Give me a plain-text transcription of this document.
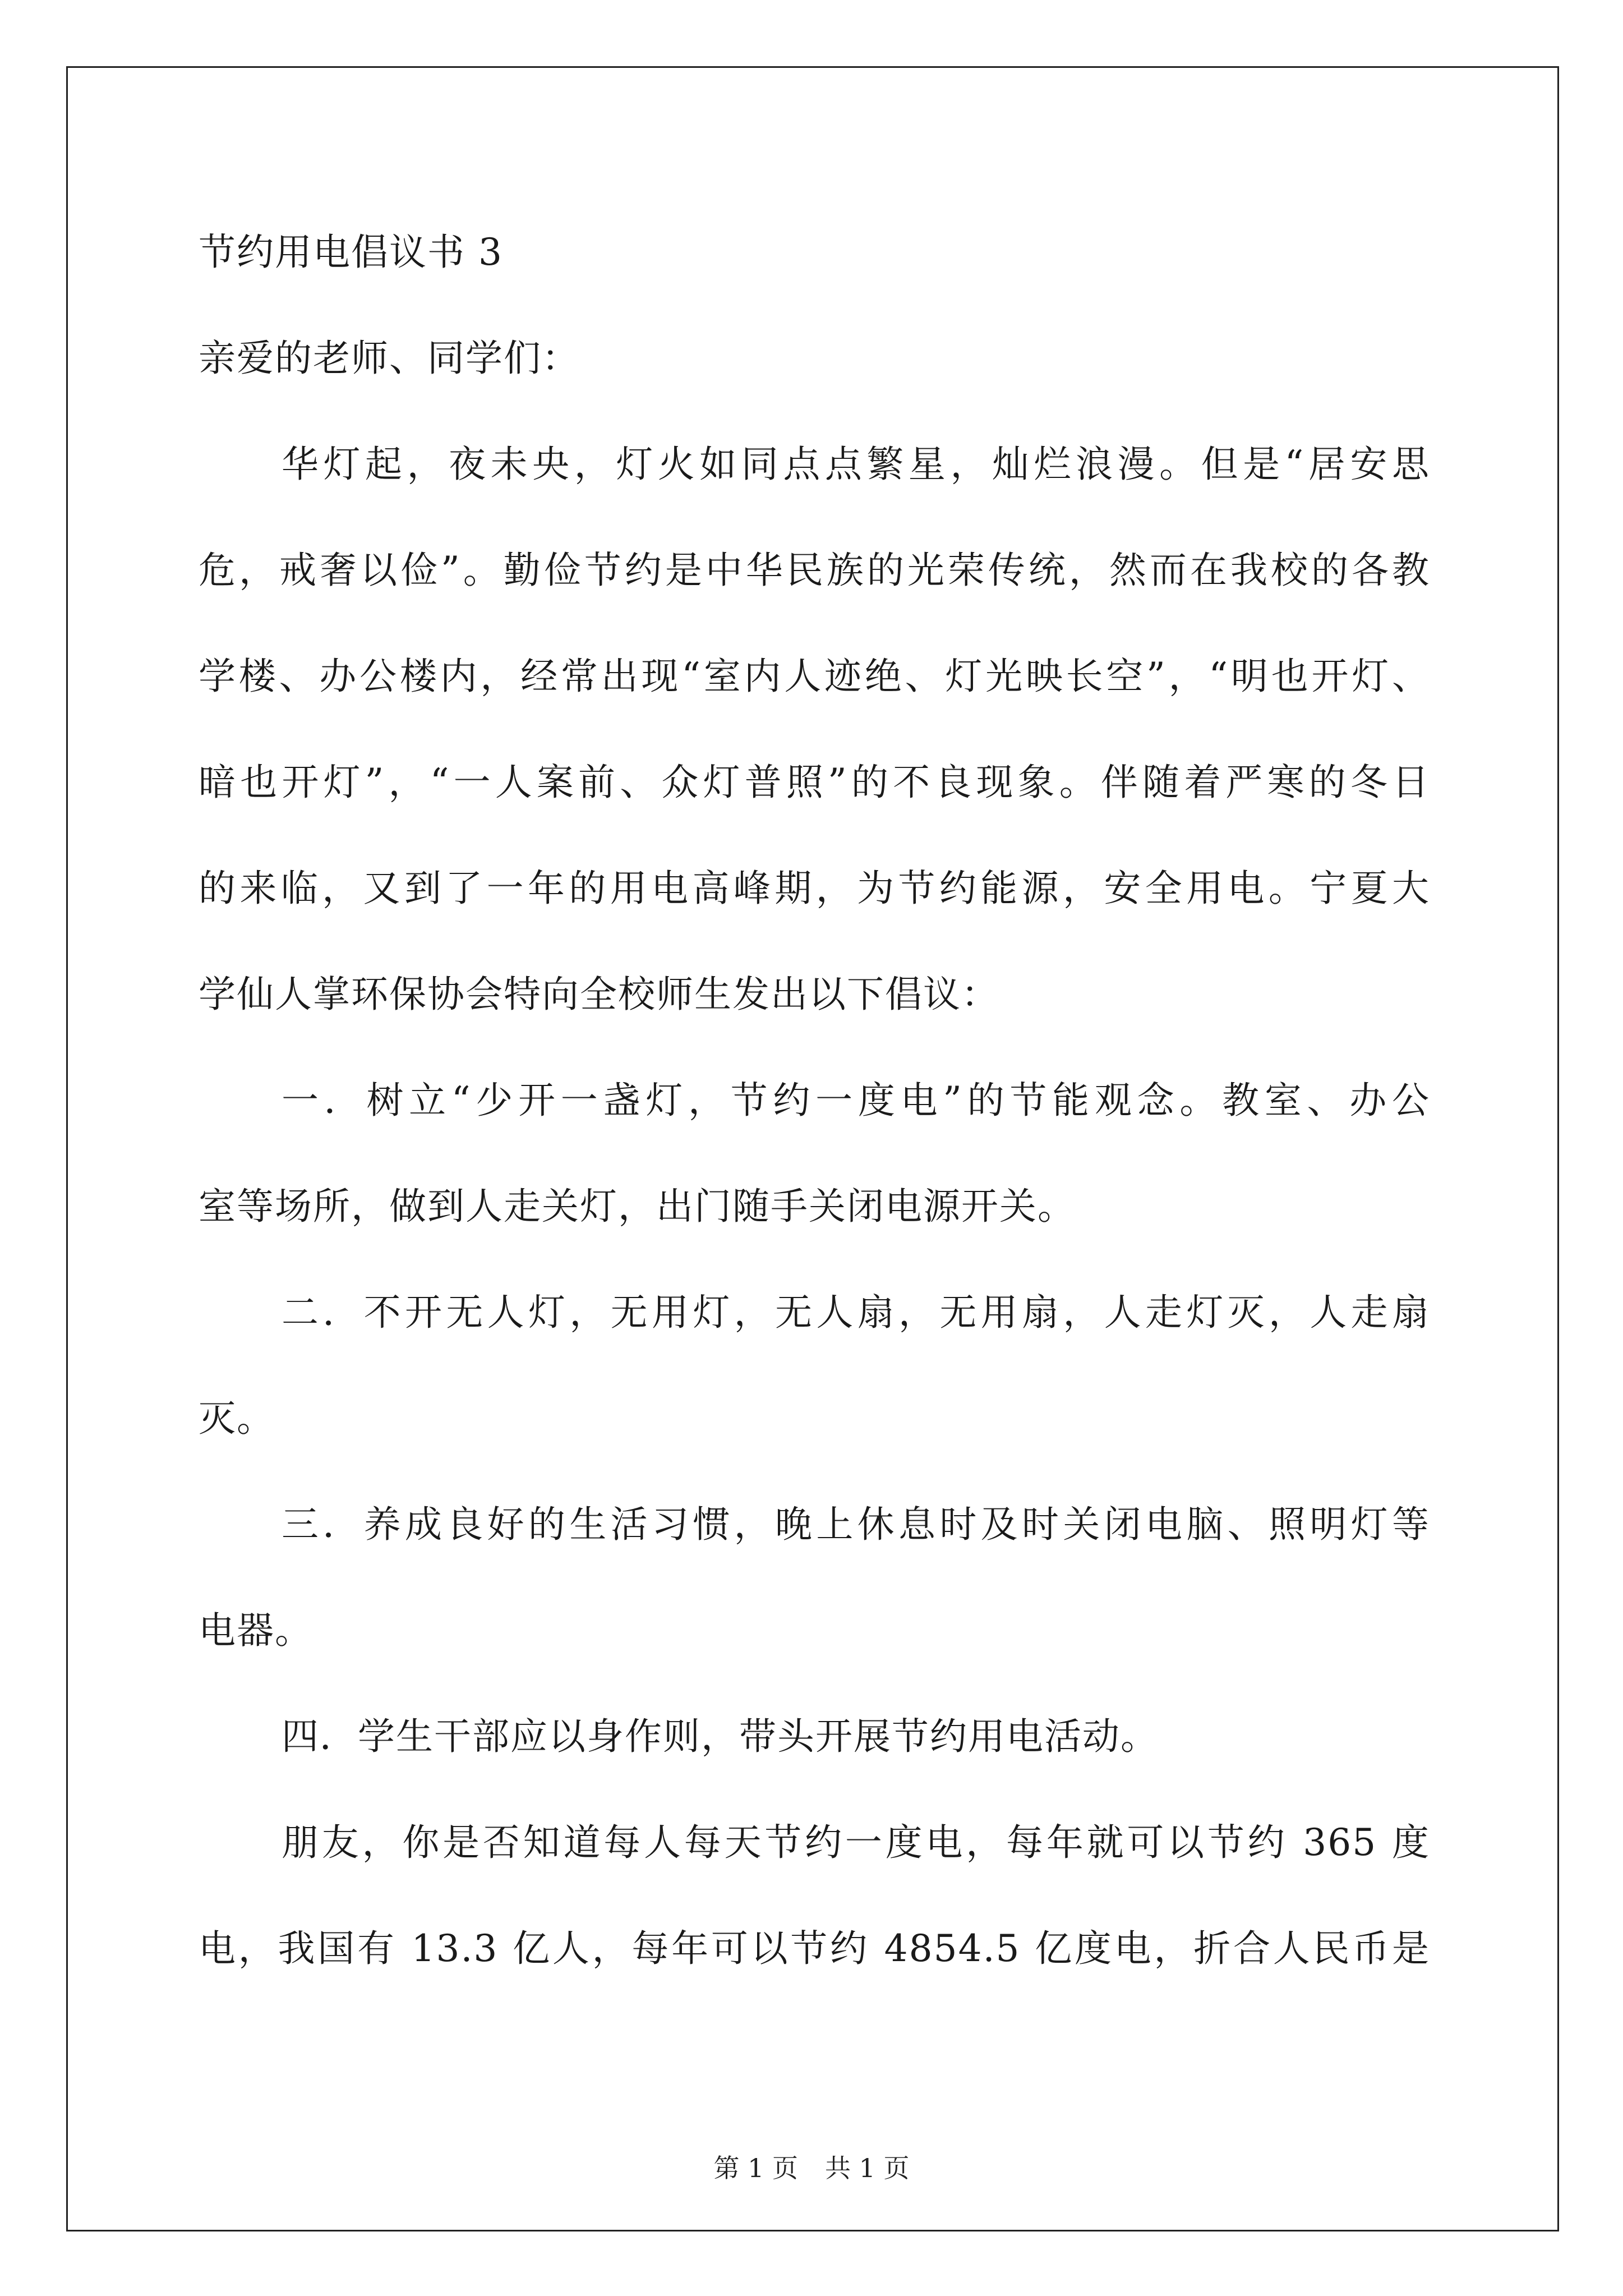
节约用电倡议书 3

亲爱的老师、同学们：

华灯起，夜未央，灯火如同点点繁星，灿烂浪漫。但是“居安思

危，戒奢以俭”。勤俭节约是中华民族的光荣传统，然而在我校的各教

学楼、办公楼内，经常出现“室内人迹绝、灯光映长空”，“明也开灯、

暗也开灯”，“一人案前、众灯普照”的不良现象。伴随着严寒的冬日

的来临，又到了一年的用电高峰期，为节约能源，安全用电。宁夏大

学仙人掌环保协会特向全校师生发出以下倡议：

一．树立“少开一盏灯，节约一度电”的节能观念。教室、办公

室等场所，做到人走关灯，出门随手关闭电源开关。

二．不开无人灯，无用灯，无人扇，无用扇，人走灯灭，人走扇

灭。

三．养成良好的生活习惯，晚上休息时及时关闭电脑、照明灯等

电器。

四．学生干部应以身作则，带头开展节约用电活动。

朋友，你是否知道每人每天节约一度电，每年就可以节约 365 度

电，我国有 13.3 亿人，每年可以节约 4854.5 亿度电，折合人民币是

第 1 页 共 1 页
